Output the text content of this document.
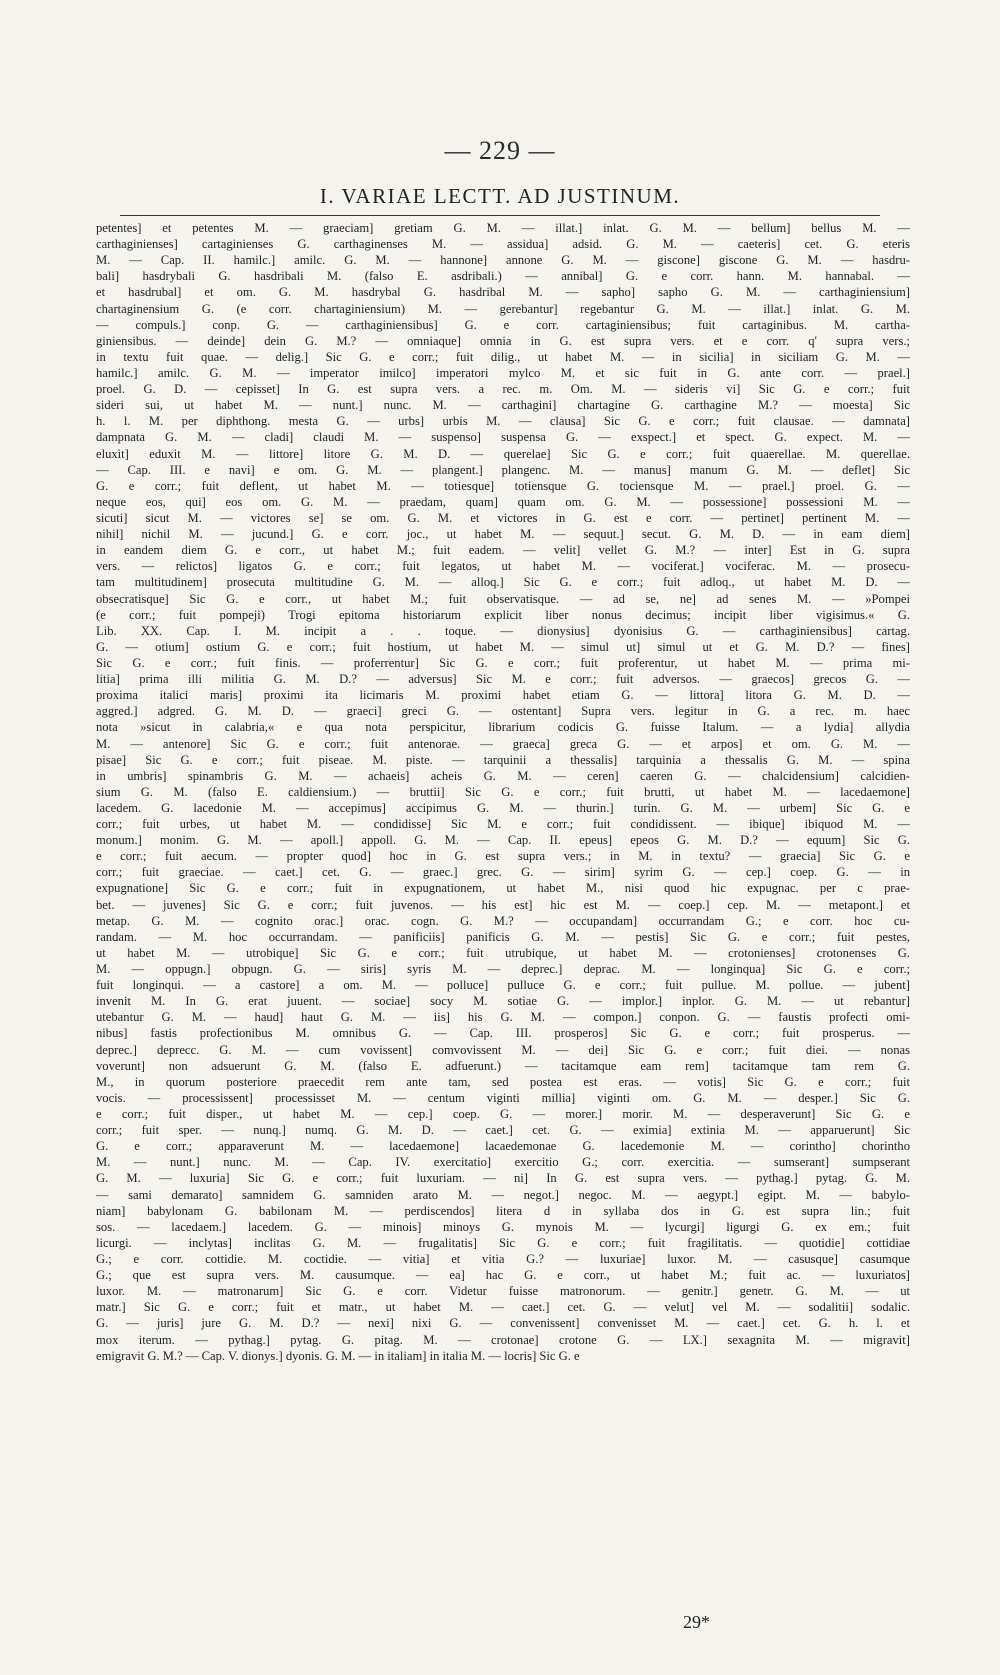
— 229 —
I. VARIAE LECTT. AD JUSTINUM.
petentes] et petentes M. — graeciam] gretiam G. M. — illat.] inlat. G. M. — bellum] bellus M. —
carthaginienses] cartaginienses G. carthaginenses M. — assidua] adsid. G. M. — caeteris] cet. G. eteris
M. — Cap. II. hamilc.] amilc. G. M. — hannone] annone G. M. — giscone] giscone G. M. — hasdru-
bali] hasdrybali G. hasdribali M. (falso E. asdribali.) — annibal] G. e corr. hann. M. hannabal. —
et hasdrubal] et om. G. M. hasdrybal G. hasdribal M. — sapho] sapho G. M. — carthaginiensium]
chartaginensium G. (e corr. chartaginiensium) M. — gerebantur] regebantur G. M. — illat.] inlat. G. M.
— compuls.] conp. G. — carthaginiensibus] G. e corr. cartaginiensibus; fuit cartaginibus. M. cartha-
giniensibus. — deinde] dein G. M.? — omniaque] omnia in G. est supra vers. et e corr. q' supra vers.;
in textu fuit quae. — delig.] Sic G. e corr.; fuit dilig., ut habet M. — in sicilia] in siciliam G. M. —
hamilc.] amilc. G. M. — imperator imilco] imperatori mylco M. et sic fuit in G. ante corr. — prael.]
proel. G. D. — cepisset] In G. est supra vers. a rec. m. Om. M. — sideris vi] Sic G. e corr.; fuit
sideri sui, ut habet M. — nunt.] nunc. M. — carthagini] chartagine G. carthagine M.? — moesta] Sic
h. l. M. per diphthong. mesta G. — urbs] urbis M. — clausa] Sic G. e corr.; fuit clausae. — damnata]
dampnata G. M. — cladi] claudi M. — suspenso] suspensa G. — exspect.] et spect. G. expect. M. —
eluxit] eduxit M. — littore] litore G. M. D. — querelae] Sic G. e corr.; fuit quaerellae. M. querellae.
— Cap. III. e navi] e om. G. M. — plangent.] plangenc. M. — manus] manum G. M. — deflet] Sic
G. e corr.; fuit deflent, ut habet M. — totiesque] totiensque G. tociensque M. — prael.] proel. G. —
neque eos, qui] eos om. G. M. — praedam, quam] quam om. G. M. — possessione] possessioni M. —
sicuti] sicut M. — victores se] se om. G. M. et victores in G. est e corr. — pertinet] pertinent M. —
nihil] nichil M. — jucund.] G. e corr. joc., ut habet M. — sequut.] secut. G. M. D. — in eam diem]
in eandem diem G. e corr., ut habet M.; fuit eadem. — velit] vellet G. M.? — inter] Est in G. supra
vers. — relictos] ligatos G. e corr.; fuit legatos, ut habet M. — vociferat.] vociferac. M. — prosecu-
tam multitudinem] prosecuta multitudine G. M. — alloq.] Sic G. e corr.; fuit adloq., ut habet M. D. —
obsecratisque] Sic G. e corr., ut habet M.; fuit observatisque. — ad se, ne] ad senes M. — »Pompei
(e corr.; fuit pompeji) Trogi epitoma historiarum explicit liber nonus decimus; incipit liber vigisimus.« G.
Lib. XX. Cap. I. M. incipit a . . toque. — dionysius] dyonisius G. — carthaginiensibus] cartag.
G. — otium] ostium G. e corr.; fuit hostium, ut habet M. — simul ut] simul ut et G. M. D.? — fines]
Sic G. e corr.; fuit finis. — proferrentur] Sic G. e corr.; fuit proferentur, ut habet M. — prima mi-
litia] prima illi militia G. M. D.? — adversus] Sic M. e corr.; fuit adversos. — graecos] grecos G. —
proxima italici maris] proximi ita licimaris M. proximi habet etiam G. — littora] litora G. M. D. —
aggred.] adgred. G. M. D. — graeci] greci G. — ostentant] Supra vers. legitur in G. a rec. m. haec
nota »sicut in calabria,« e qua nota perspicitur, librarium codicis G. fuisse Italum. — a lydia] allydia
M. — antenore] Sic G. e corr.; fuit antenorae. — graeca] greca G. — et arpos] et om. G. M. —
pisae] Sic G. e corr.; fuit piseae. M. piste. — tarquinii a thessalis] tarquinia a thessalis G. M. — spina
in umbris] spinambris G. M. — achaeis] acheis G. M. — ceren] caeren G. — chalcidensium] calcidien-
sium G. M. (falso E. caldiensium.) — bruttii] Sic G. e corr.; fuit brutti, ut habet M. — lacedaemone]
lacedem. G. lacedonie M. — accepimus] accipimus G. M. — thurin.] turin. G. M. — urbem] Sic G. e
corr.; fuit urbes, ut habet M. — condidisse] Sic M. e corr.; fuit condidissent. — ibique] ibiquod M. —
monum.] monim. G. M. — apoll.] appoll. G. M. — Cap. II. epeus] epeos G. M. D.? — equum] Sic G.
e corr.; fuit aecum. — propter quod] hoc in G. est supra vers.; in M. in textu? — graecia] Sic G. e
corr.; fuit graeciae. — caet.] cet. G. — graec.] grec. G. — sirim] syrim G. — cep.] coep. G. — in
expugnatione] Sic G. e corr.; fuit in expugnationem, ut habet M., nisi quod hic expugnac. per c prae-
bet. — juvenes] Sic G. e corr.; fuit juvenos. — his est] hic est M. — coep.] cep. M. — metapont.] et
metap. G. M. — cognito orac.] orac. cogn. G. M.? — occupandam] occurrandam G.; e corr. hoc cu-
randam. — M. hoc occurrandam. — panificiis] panificis G. M. — pestis] Sic G. e corr.; fuit pestes,
ut habet M. — utrobique] Sic G. e corr.; fuit utrubique, ut habet M. — crotonienses] crotonenses G.
M. — oppugn.] obpugn. G. — siris] syris M. — deprec.] deprac. M. — longinqua] Sic G. e corr.;
fuit longinqui. — a castore] a om. M. — polluce] pulluce G. e corr.; fuit pullue. M. pollue. — jubent]
invenit M. In G. erat juuent. — sociae] socy M. sotiae G. — implor.] inplor. G. M. — ut rebantur]
utebantur G. M. — haud] haut G. M. — iis] his G. M. — compon.] conpon. G. — faustis profecti omi-
nibus] fastis profectionibus M. omnibus G. — Cap. III. prosperos] Sic G. e corr.; fuit prosperus. —
deprec.] deprecc. G. M. — cum vovissent] comvovissent M. — dei] Sic G. e corr.; fuit diei. — nonas
voverunt] non adsuerunt G. M. (falso E. adfuerunt.) — tacitamque eam rem] tacitamque tam rem G.
M., in quorum posteriore praecedit rem ante tam, sed postea est eras. — votis] Sic G. e corr.; fuit
vocis. — processissent] processisset M. — centum viginti millia] viginti om. G. M. — desper.] Sic G.
e corr.; fuit disper., ut habet M. — cep.] coep. G. — morer.] morir. M. — desperaverunt] Sic G. e
corr.; fuit sper. — nunq.] numq. G. M. D. — caet.] cet. G. — eximia] extinia M. — apparuerunt] Sic
G. e corr.; apparaverunt M. — lacedaemone] lacaedemonae G. lacedemonie M. — corintho] chorintho
M. — nunt.] nunc. M. — Cap. IV. exercitatio] exercitio G.; corr. exercitia. — sumserant] sumpserant
G. M. — luxuria] Sic G. e corr.; fuit luxuriam. — ni] In G. est supra vers. — pythag.] pytag. G. M.
— sami demarato] samnidem G. samniden arato M. — negot.] negoc. M. — aegypt.] egipt. M. — babylo-
niam] babylonam G. babilonam M. — perdiscendos] litera d in syllaba dos in G. est supra lin.; fuit
sos. — lacedaem.] lacedem. G. — minois] minoys G. mynois M. — lycurgi] ligurgi G. ex em.; fuit
licurgi. — inclytas] inclitas G. M. — frugalitatis] Sic G. e corr.; fuit fragilitatis. — quotidie] cottidiae
G.; e corr. cottidie. M. coctidie. — vitia] et vitia G.? — luxuriae] luxor. M. — casusque] casumque
G.; que est supra vers. M. causumque. — ea] hac G. e corr., ut habet M.; fuit ac. — luxuriatos]
luxor. M. — matronarum] Sic G. e corr. Videtur fuisse matronorum. — genitr.] genetr. G. M. — ut
matr.] Sic G. e corr.; fuit et matr., ut habet M. — caet.] cet. G. — velut] vel M. — sodalitii] sodalic.
G. — juris] jure G. M. D.? — nexi] nixi G. — convenissent] convenisset M. — caet.] cet. G. h. l. et
mox iterum. — pythag.] pytag. G. pitag. M. — crotonae] crotone G. — LX.] sexagnita M. — migravit]
emigravit G. M.? — Cap. V. dionys.] dyonis. G. M. — in italiam] in italia M. — locris] Sic G. e
29*
